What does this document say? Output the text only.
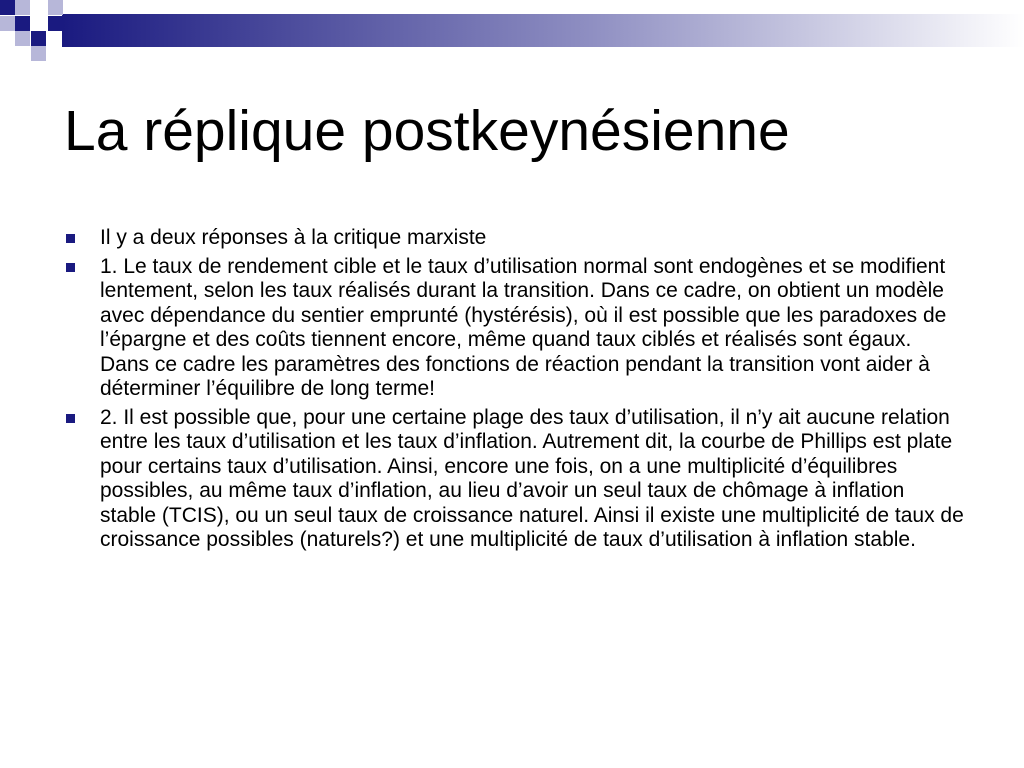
La réplique postkeynésienne
Il y a deux réponses à la critique marxiste
1. Le taux de rendement cible et le taux d’utilisation normal sont endogènes et se modifient lentement, selon les taux réalisés durant la transition. Dans ce cadre, on obtient un modèle avec dépendance du sentier emprunté (hystérésis), où il est possible que les paradoxes de l’épargne et des coûts tiennent encore, même quand taux ciblés et réalisés sont égaux. Dans ce cadre les paramètres des fonctions de réaction pendant la transition vont aider à déterminer l’équilibre de long terme!
2. Il est possible que, pour une certaine plage des taux d’utilisation, il n’y ait aucune relation entre les taux d’utilisation et les taux d’inflation. Autrement dit, la courbe de Phillips est plate pour certains taux d’utilisation. Ainsi, encore une fois, on a une multiplicité d’équilibres possibles, au même taux d’inflation, au lieu d’avoir un seul taux de chômage à inflation stable (TCIS), ou un seul taux de croissance naturel. Ainsi il existe une multiplicité de taux de croissance possibles (naturels?) et une multiplicité de taux d’utilisation à inflation stable.
